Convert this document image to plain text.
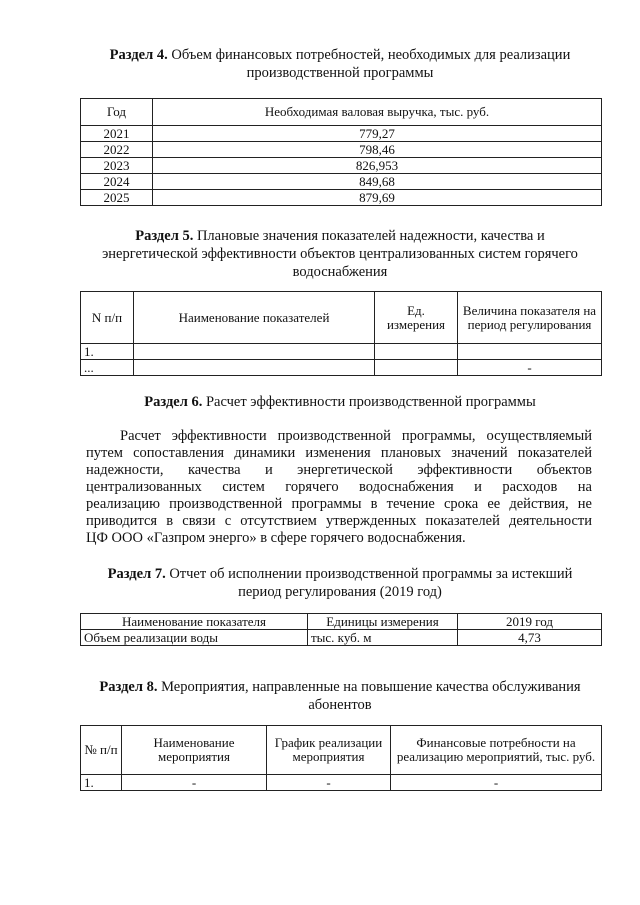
Раздел 4. Объем финансовых потребностей, необходимых для реализации
производственной программы
Год	Необходимая валовая выручка, тыс. руб.
2021	779,27
2022	798,46
2023	826,953
2024	849,68
2025	879,69
Раздел 5. Плановые значения показателей надежности, качества и
энергетической эффективности объектов централизованных систем горячего
водоснабжения
N п/п	Наименование показателей	Ед. измерения	Величина показателя на период регулирования
1.			
...			-
Раздел 6. Расчет эффективности производственной программы
Расчет эффективности производственной программы, осуществляемый
путем сопоставления динамики изменения плановых значений показателей
надежности, качества и энергетической эффективности объектов
централизованных систем горячего водоснабжения и расходов на
реализацию производственной программы в течение срока ее действия, не
приводится в связи с отсутствием утвержденных показателей деятельности
ЦФ ООО «Газпром энерго» в сфере горячего водоснабжения.
Раздел 7. Отчет об исполнении производственной программы за истекший
период регулирования (2019 год)
Наименование показателя	Единицы измерения	2019 год
Объем реализации воды	тыс. куб. м	4,73
Раздел 8. Мероприятия, направленные на повышение качества обслуживания
абонентов
№ п/п	Наименование мероприятия	График реализации мероприятия	Финансовые потребности на реализацию мероприятий, тыс. руб.
1.	-	-	-
